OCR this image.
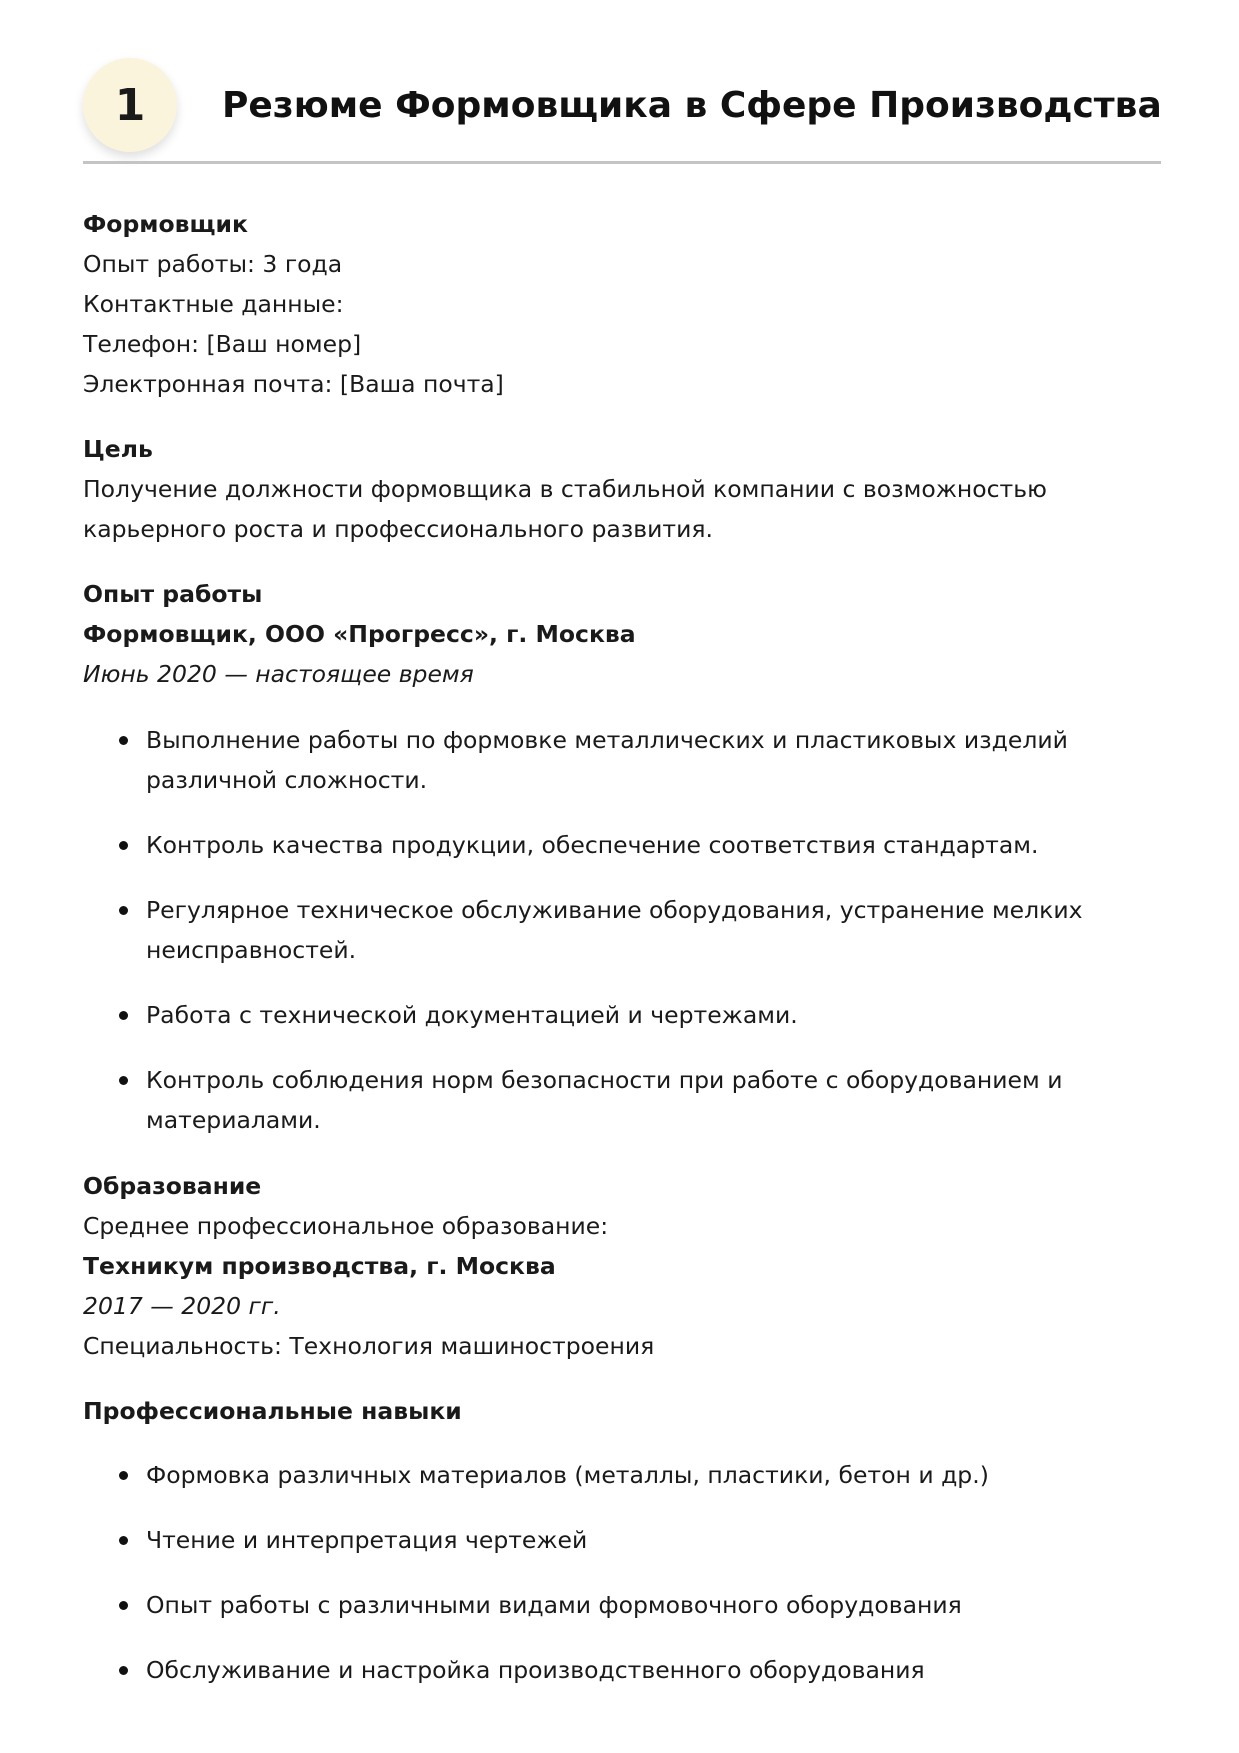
1	Резюме Формовщика в Сфере Производства

Формовщик

Опыт работы: 3 года

Контактные данные:

Телефон: [Ваш номер]

Электронная почта: [Ваша почта]

Цель

Получение должности формовщика в стабильной компании с возможностью карьерного роста и профессионального развития.

Опыт работы

Формовщик, ООО «Прогресс», г. Москва

Июнь 2020 — настоящее время

Выполнение работы по формовке металлических и пластиковых изделий различной сложности.
Контроль качества продукции, обеспечение соответствия стандартам.
Регулярное техническое обслуживание оборудования, устранение мелких неисправностей.
Работа с технической документацией и чертежами.
Контроль соблюдения норм безопасности при работе с оборудованием и материалами.

Образование

Среднее профессиональное образование:

Техникум производства, г. Москва

2017 — 2020 гг.

Специальность: Технология машиностроения

Профессиональные навыки

Формовка различных материалов (металлы, пластики, бетон и др.)
Чтение и интерпретация чертежей
Опыт работы с различными видами формовочного оборудования
Обслуживание и настройка производственного оборудования
